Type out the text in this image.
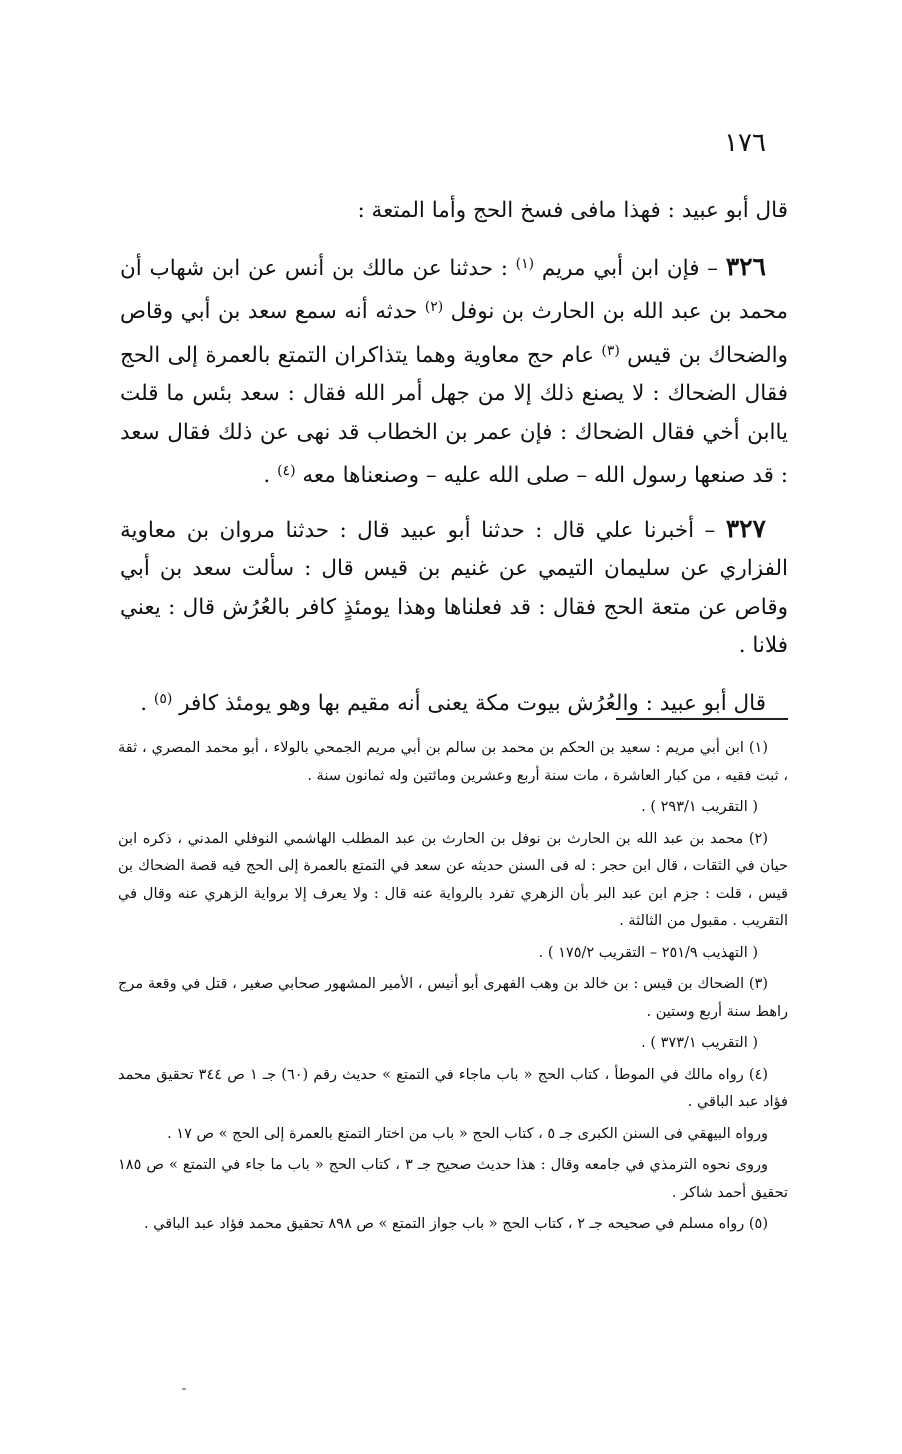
١٧٦

قال أبو عبيد : فهذا مافى فسخ الحج وأما المتعة :

٣٢٦ – فإن ابن أبي مريم $^{(١)}$ : حدثنا عن مالك بن أنس عن ابن شهاب أن محمد بن عبد الله بن الحارث بن نوفل $^{(٢)}$ حدثه أنه سمع سعد بن أبي وقاص والضحاك بن قيس $^{(٣)}$ عام حج معاوية وهما يتذاكران التمتع بالعمرة إلى الحج فقال الضحاك : لا يصنع ذلك إلا من جهل أمر الله فقال : سعد بئس ما قلت ياابن أخي فقال الضحاك : فإن عمر بن الخطاب قد نهى عن ذلك فقال سعد : قد صنعها رسول الله – صلى الله عليه – وصنعناها معه $^{(٤)}$ .

٣٢٧ – أخبرنا علي قال : حدثنا أبو عبيد قال : حدثنا مروان بن معاوية الفزاري عن سليمان التيمي عن غنيم بن قيس قال : سألت سعد بن أبي وقاص عن متعة الحج فقال : قد فعلناها وهذا يومئذٍ كافر بالعُرُش قال : يعني فلانا .

قال أبو عبيد : والعُرُش بيوت مكة يعنى أنه مقيم بها وهو يومئذ كافر $^{(٥)}$ .

(١) ابن أبي مريم : سعيد بن الحكم بن محمد بن سالم بن أبي مريم الجمحي بالولاء ، أبو محمد المصري ، ثقة ، ثبت فقيه ، من كبار العاشرة ، مات سنة أربع وعشرين ومائتين وله ثمانون سنة .

( التقريب ٢٩٣/١ ) .

(٢) محمد بن عبد الله بن الحارث بن نوفل بن الحارث بن عبد المطلب الهاشمي النوفلي المدني ، ذكره ابن حيان في الثقات ، قال ابن حجر : له فى السنن حديثه عن سعد في التمتع بالعمرة إلى الحج فيه قصة الضحاك بن قيس ، قلت : جزم ابن عبد البر بأن الزهري تفرد بالرواية عنه قال : ولا يعرف إلا برواية الزهري عنه وقال في التقريب . مقبول من الثالثة .

( التهذيب ٢٥١/٩ – التقريب ١٧٥/٢ ) .

(٣) الضحاك بن قيس : بن خالد بن وهب الفهرى أبو أنيس ، الأمير المشهور صحابي صغير ، قتل في وقعة مرج راهط سنة أربع وستين .

( التقريب ٣٧٣/١ ) .

(٤) رواه مالك في الموطأ ، كتاب الحج « باب ماجاء في التمتع » حديث رقم (٦٠) جـ ١ ص ٣٤٤ تحقيق محمد فؤاد عبد الباقي .

ورواه البيهقي فى السنن الكبرى جـ ٥ ، كتاب الحج « باب من اختار التمتع بالعمرة إلى الحج » ص ١٧ .

وروى نحوه الترمذي في جامعه وقال : هذا حديث صحيح جـ ٣ ، كتاب الحج « باب ما جاء في التمتع » ص ١٨٥ تحقيق أحمد شاكر .

(٥) رواه مسلم في صحيحه جـ ٢ ، كتاب الحج « باب جواز التمتع » ص ٨٩٨ تحقيق محمد فؤاد عبد الباقي .
